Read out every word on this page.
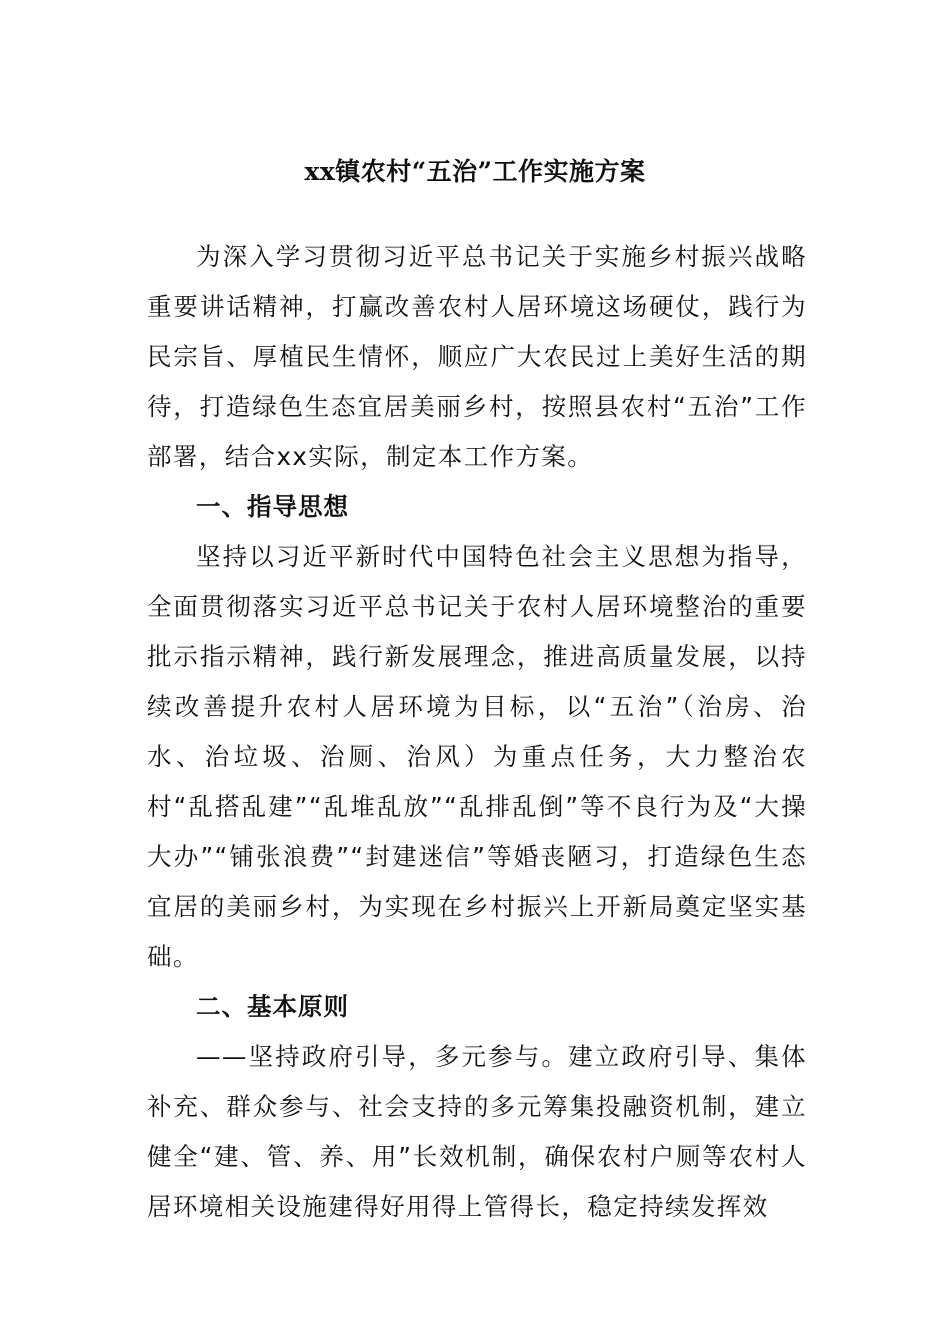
xx镇农村“五治”工作实施方案

为深入学习贯彻习近平总书记关于实施乡村振兴战略重要讲话精神，打赢改善农村人居环境这场硬仗，践行为民宗旨、厚植民生情怀，顺应广大农民过上美好生活的期待，打造绿色生态宜居美丽乡村，按照县农村“五治”工作部署，结合xx实际，制定本工作方案。

一、指导思想

坚持以习近平新时代中国特色社会主义思想为指导，全面贯彻落实习近平总书记关于农村人居环境整治的重要批示指示精神，践行新发展理念，推进高质量发展，以持续改善提升农村人居环境为目标，以“五治”（治房、治水、治垃圾、治厕、治风）为重点任务，大力整治农村“乱搭乱建”“乱堆乱放”“乱排乱倒”等不良行为及“大操大办”“铺张浪费”“封建迷信”等婚丧陋习，打造绿色生态宜居的美丽乡村，为实现在乡村振兴上开新局奠定坚实基础。

二、基本原则

——坚持政府引导，多元参与。建立政府引导、集体补充、群众参与、社会支持的多元筹集投融资机制，建立健全“建、管、养、用”长效机制，确保农村户厕等农村人居环境相关设施建得好用得上管得长，稳定持续发挥效
